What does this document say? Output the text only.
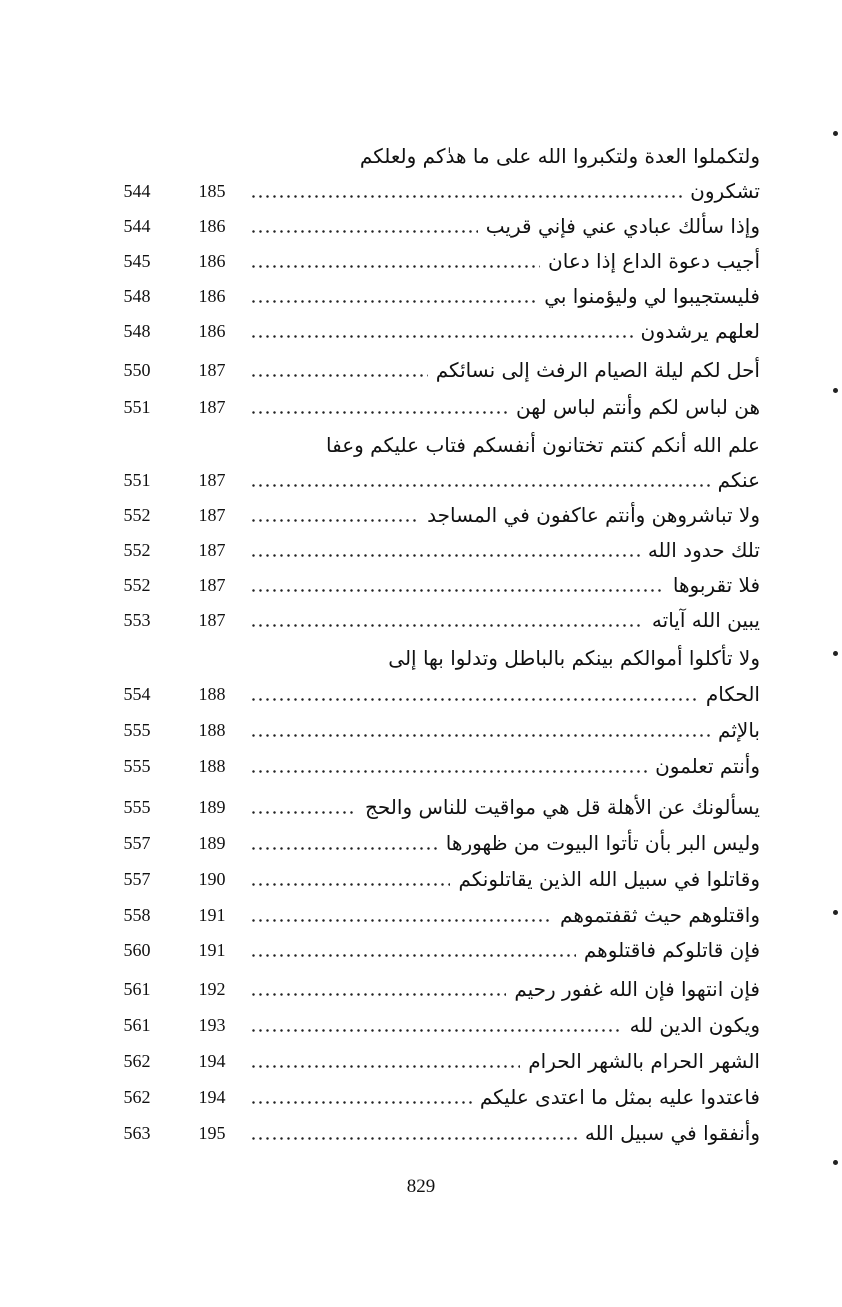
ولتكملوا العدة ولتكبروا الله على ما هدٰكم ولعلكم
تشكرون
185
544
وإذا سألك عبادي عني فإني قريب
186
544
أجيب دعوة الداع إذا دعان
186
545
فليستجيبوا لي وليؤمنوا بي
186
548
لعلهم يرشدون
186
548
أحل لكم ليلة الصيام الرفث إلى نسائكم
187
550
هن لباس لكم وأنتم لباس لهن
187
551
علم الله أنكم كنتم تختانون أنفسكم فتاب عليكم وعفا
عنكم
187
551
ولا تباشروهن وأنتم عاكفون في المساجد
187
552
تلك حدود الله
187
552
فلا تقربوها
187
552
يبين الله آياته
187
553
ولا تأكلوا أموالكم بينكم بالباطل وتدلوا بها إلى
الحكام
188
554
بالإثم
188
555
وأنتم تعلمون
188
555
يسألونك عن الأهلة قل هي مواقيت للناس والحج
189
555
وليس البر بأن تأتوا البيوت من ظهورها
189
557
وقاتلوا في سبيل الله الذين يقاتلونكم
190
557
واقتلوهم حيث ثقفتموهم
191
558
فإن قاتلوكم فاقتلوهم
191
560
فإن انتهوا فإن الله غفور رحيم
192
561
ويكون الدين لله
193
561
الشهر الحرام بالشهر الحرام
194
562
فاعتدوا عليه بمثل ما اعتدى عليكم
194
562
وأنفقوا في سبيل الله
195
563
829
